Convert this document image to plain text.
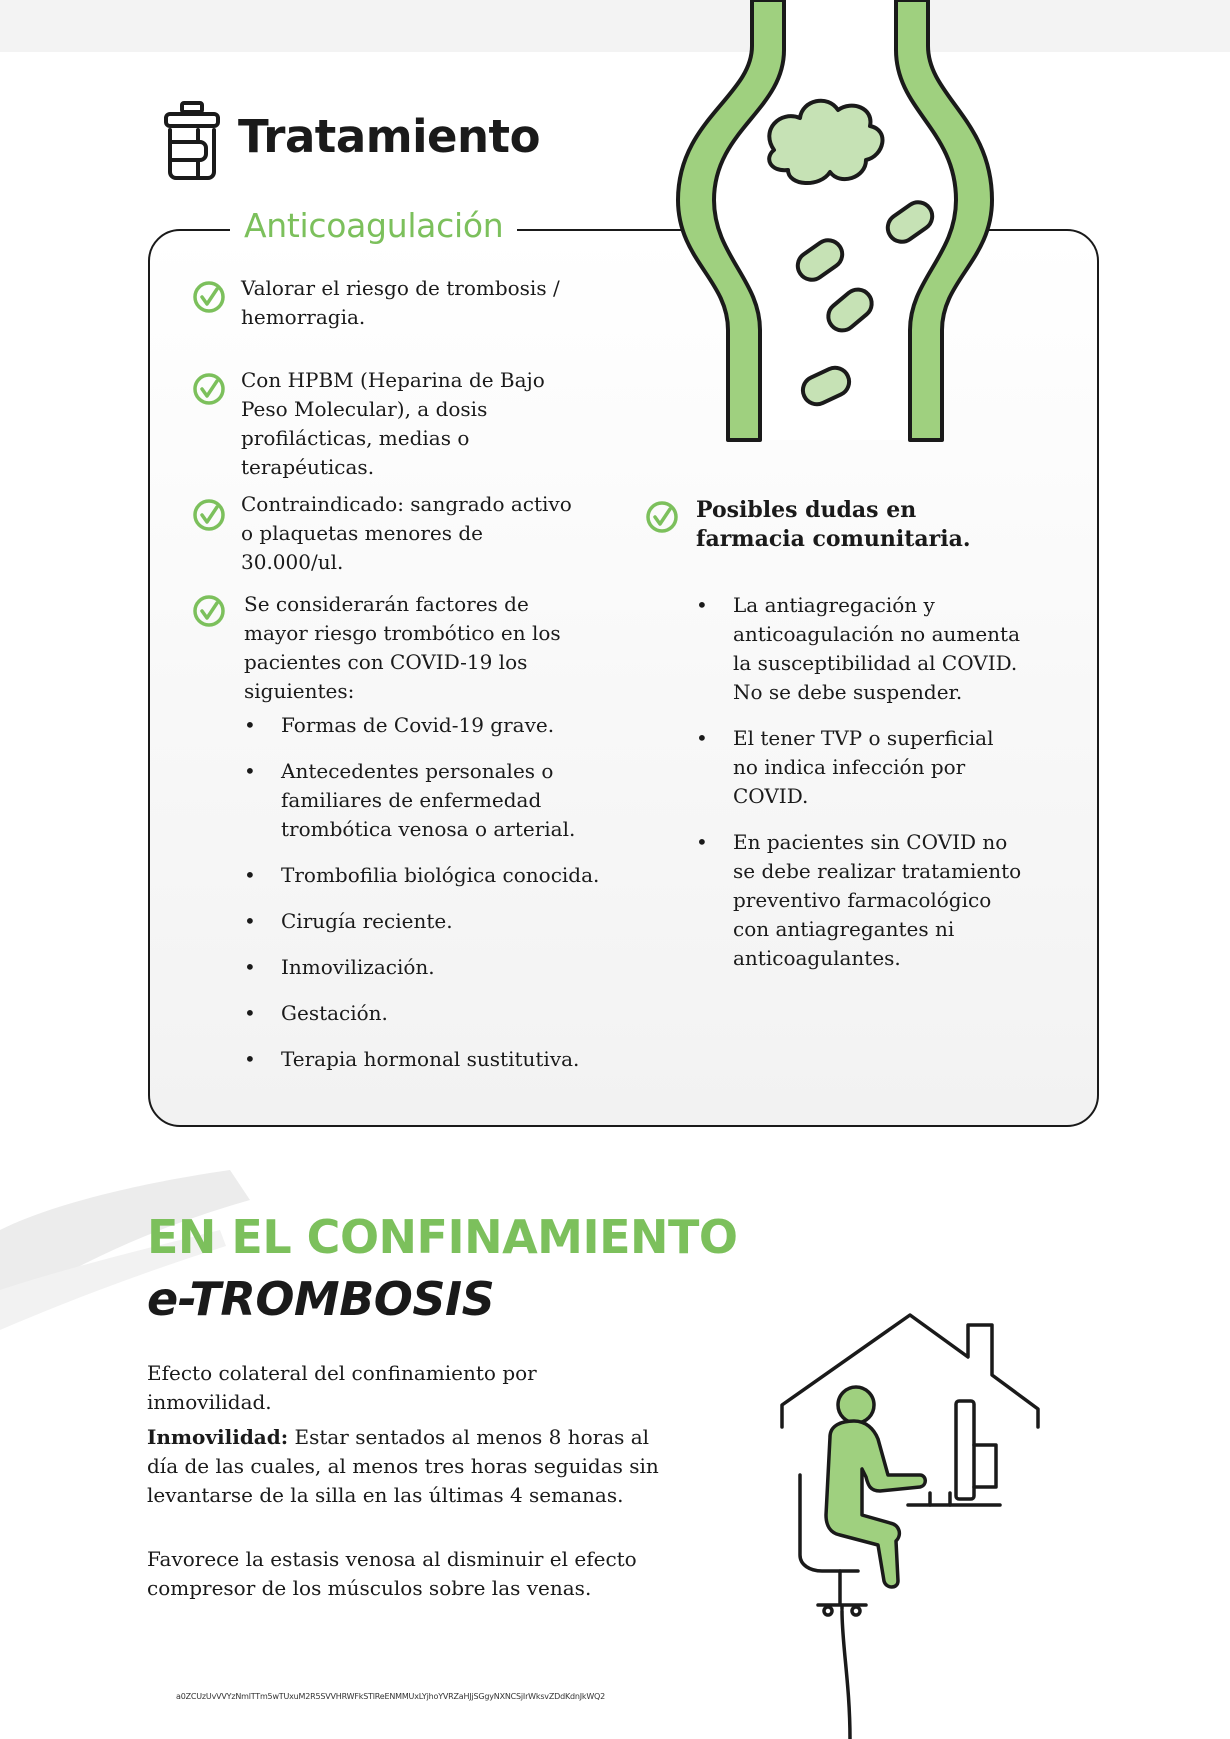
Tratamiento
Anticoagulación
Valorar el riesgo de trombosis / hemorragia.
Con HPBM (Heparina de Bajo Peso Molecular), a dosis profilácticas, medias o terapéuticas.
Contraindicado: sangrado activo o plaquetas menores de 30.000/ul.
Se considerarán factores de mayor riesgo trombótico en los pacientes con COVID-19 los siguientes:
• Formas de Covid-19 grave.
• Antecedentes personales o familiares de enfermedad trombótica venosa o arterial.
• Trombofilia biológica conocida.
• Cirugía reciente.
• Inmovilización.
• Gestación.
• Terapia hormonal sustitutiva.
Posibles dudas en farmacia comunitaria.
• La antiagregación y anticoagulación no aumenta la susceptibilidad al COVID. No se debe suspender.
• El tener TVP o superficial no indica infección por COVID.
• En pacientes sin COVID no se debe realizar tratamiento preventivo farmacológico con antiagregantes ni anticoagulantes.
EN EL CONFINAMIENTO
e-TROMBOSIS
Efecto colateral del confinamiento por inmovilidad.
Inmovilidad: Estar sentados al menos 8 horas al día de las cuales, al menos tres horas seguidas sin levantarse de la silla en las últimas 4 semanas.
Favorece la estasis venosa al disminuir el efecto compresor de los músculos sobre las venas.
a0ZCUzUvVVYzNmlTTm5wTUxuM2R5SVVHRWFkSTlReENMMUxLYjhoYVRZaHJjSGgyNXNCSjIrWksvZDdKdnJkWQ2
